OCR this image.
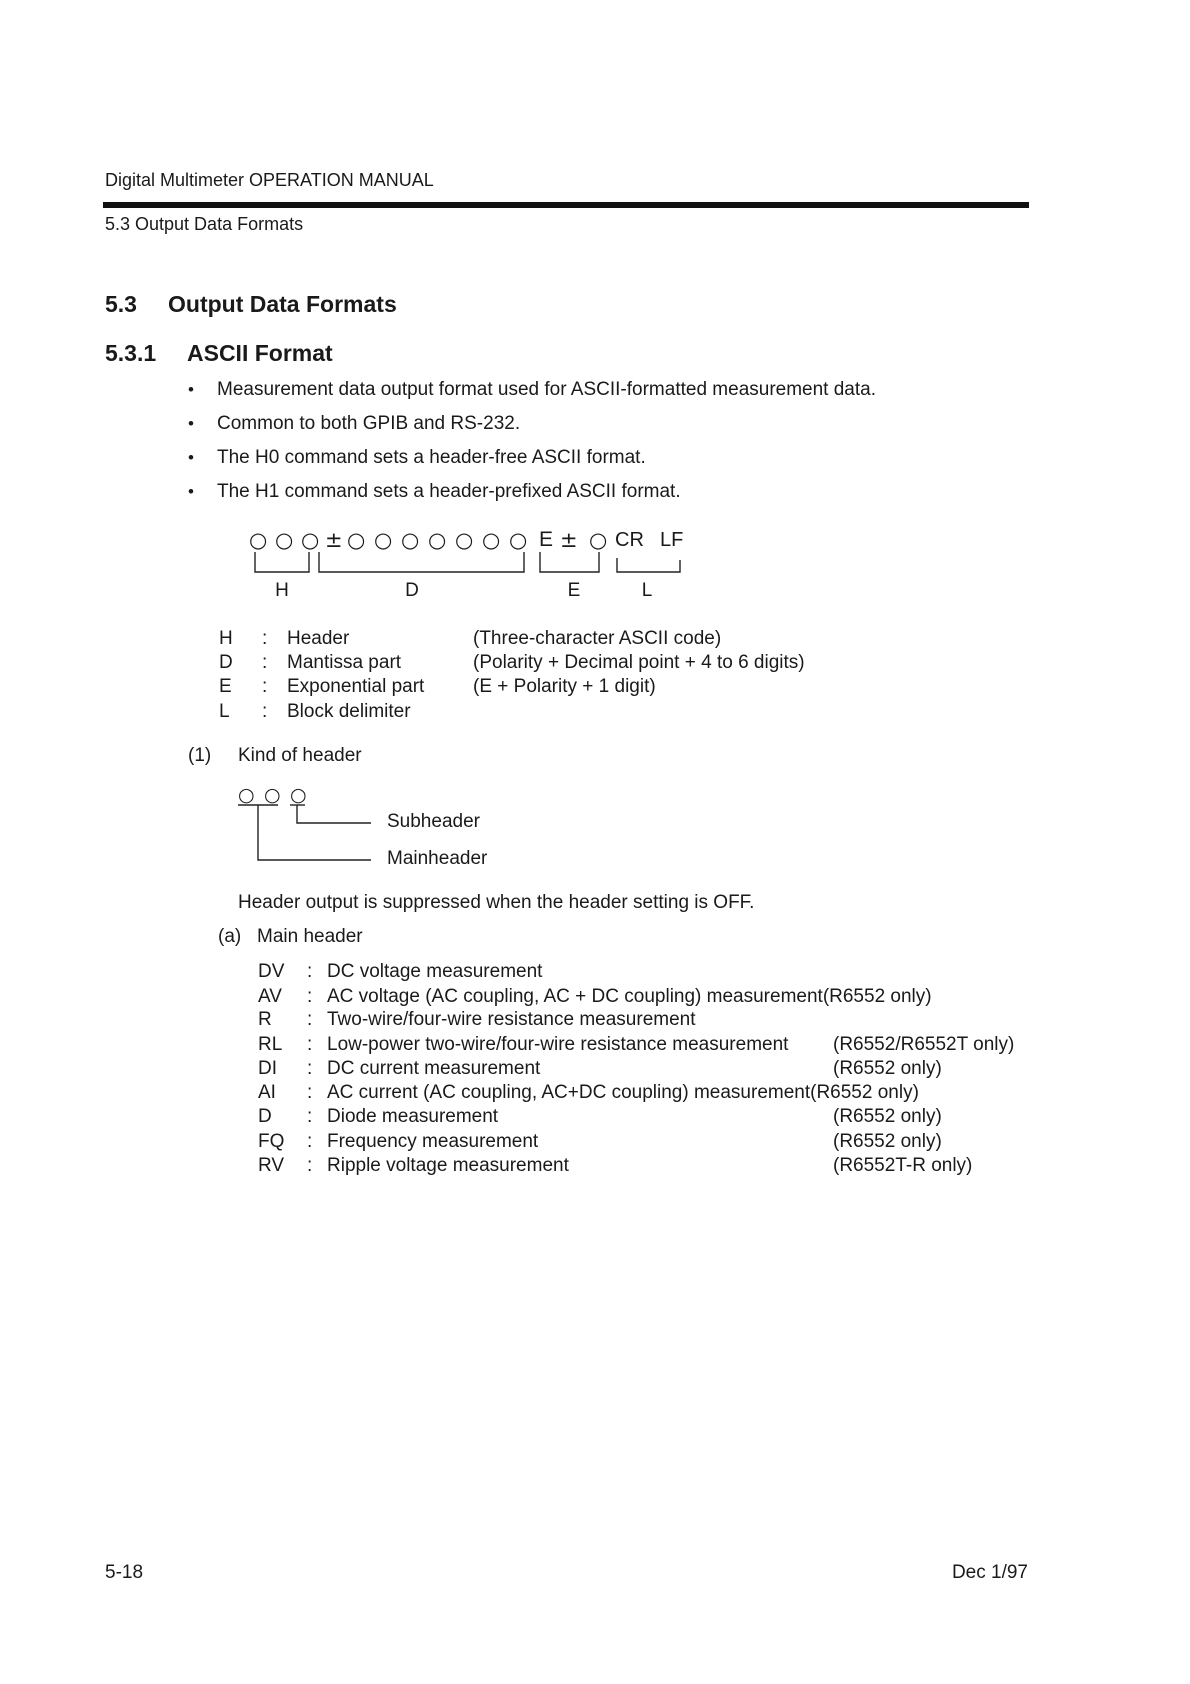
Digital Multimeter OPERATION MANUAL
5.3 Output Data Formats
5.3 Output Data Formats
5.3.1 ASCII Format
• Measurement data output format used for ASCII-formatted measurement data.
• Common to both GPIB and RS-232.
• The H0 command sets a header-free ASCII format.
• The H1 command sets a header-prefixed ASCII format.
○ ○ ○ ± ○ ○ ○ ○ ○ ○ ○ E ± ○ CR LF
H	D	E	L
H : Header	(Three-character ASCII code)
D : Mantissa part	(Polarity + Decimal point + 4 to 6 digits)
E : Exponential part	(E + Polarity + 1 digit)
L : Block delimiter
(1) Kind of header
○ ○ ○
Subheader
Mainheader
Header output is suppressed when the header setting is OFF.
(a) Main header
DV : DC voltage measurement
AV : AC voltage (AC coupling, AC + DC coupling) measurement(R6552 only)
R : Two-wire/four-wire resistance measurement
RL : Low-power two-wire/four-wire resistance measurement (R6552/R6552T only)
DI : DC current measurement	(R6552 only)
AI : AC current (AC coupling, AC+DC coupling) measurement(R6552 only)
D : Diode measurement	(R6552 only)
FQ : Frequency measurement	(R6552 only)
RV : Ripple voltage measurement	(R6552T-R only)
5-18	Dec 1/97
